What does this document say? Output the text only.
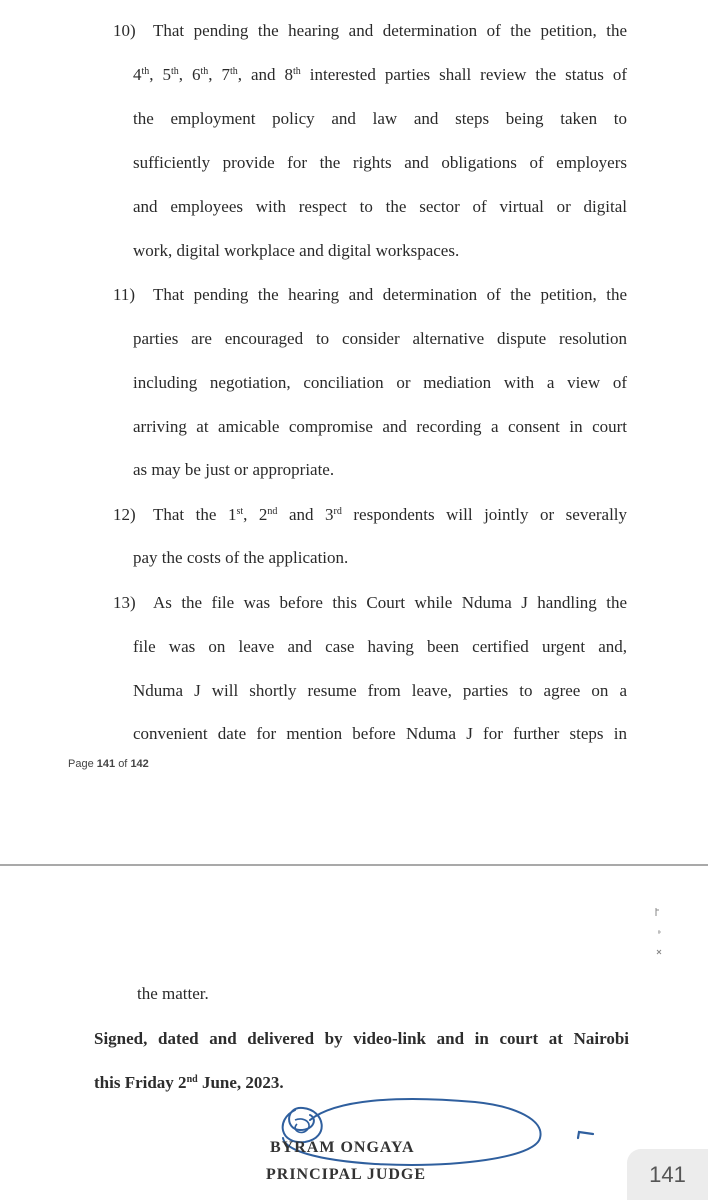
10) That pending the hearing and determination of the petition, the
4th, 5th, 6th, 7th, and 8th interested parties shall review the status of
the employment policy and law and steps being taken to
sufficiently provide for the rights and obligations of employers
and employees with respect to the sector of virtual or digital
work, digital workplace and digital workspaces.
11) That pending the hearing and determination of the petition, the
parties are encouraged to consider alternative dispute resolution
including negotiation, conciliation or mediation with a view of
arriving at amicable compromise and recording a consent in court
as may be just or appropriate.
12) That the 1st, 2nd and 3rd respondents will jointly or severally
pay the costs of the application.
13) As the file was before this Court while Nduma J handling the
file was on leave and case having been certified urgent and,
Nduma J will shortly resume from leave, parties to agree on a
convenient date for mention before Nduma J for further steps in
Page 141 of 142
the matter.
Signed, dated and delivered by video-link and in court at Nairobi
this Friday 2nd June, 2023.
BYRAM ONGAYA
PRINCIPAL JUDGE	141
